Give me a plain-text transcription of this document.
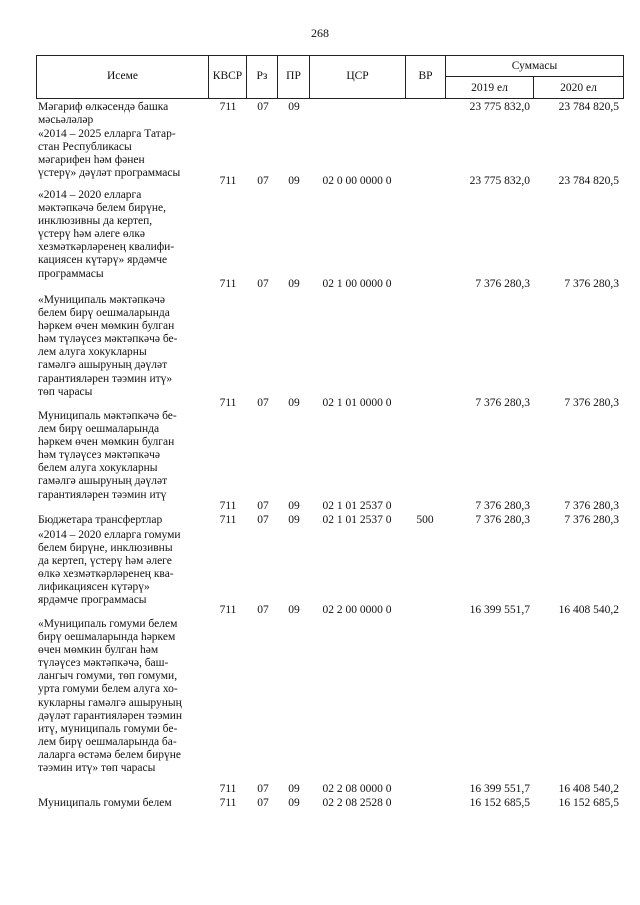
268
Исеме	КВСР	Рз	ПР	ЦСР	ВР
Суммасы
2019 ел	2020 ел
Мәгариф өлкәсендә башка
мәсьәләләр
711	07	09	23 775 832,0	23 784 820,5
«2014 – 2025 елларга Татар-
стан Республикасы
мәгарифен һәм фәнен
үстерү» дәүләт программасы
711	07	09	02 0 00 0000 0	23 775 832,0	23 784 820,5
«2014 – 2020 елларга
мәктәпкәчә белем бирүне,
инклюзивны да кертеп,
үстерү һәм әлеге өлкә
хезмәткәрләренең квалифи-
кациясен күтәрү» ярдәмче
программасы
711	07	09	02 1 00 0000 0	7 376 280,3	7 376 280,3
«Муниципаль мәктәпкәчә
белем бирү оешмаларында
һәркем өчен мөмкин булган
һәм түләүсез мәктәпкәчә бе-
лем алуга хокукларны
гамәлгә ашыруның дәүләт
гарантияләрен тәэмин итү»
төп чарасы
711	07	09	02 1 01 0000 0	7 376 280,3	7 376 280,3
Муниципаль мәктәпкәчә бе-
лем бирү оешмаларында
һәркем өчен мөмкин булган
һәм түләүсез мәктәпкәчә
белем алуга хокукларны
гамәлгә ашыруның дәүләт
гарантияләрен тәэмин итү
711	07	09	02 1 01 2537 0	7 376 280,3	7 376 280,3
Бюджетара трансфертлар	711	07	09	02 1 01 2537 0	500	7 376 280,3	7 376 280,3
«2014 – 2020 елларга гомуми
белем бирүне, инклюзивны
да кертеп, үстерү һәм әлеге
өлкә хезмәткәрләренең ква-
лификациясен күтәрү»
ярдәмче программасы
711	07	09	02 2 00 0000 0	16 399 551,7	16 408 540,2
«Муниципаль гомуми белем
бирү оешмаларында һәркем
өчен мөмкин булган һәм
түләүсез мәктәпкәчә, баш-
лангыч гомуми, төп гомуми,
урта гомуми белем алуга хо-
кукларны гамәлгә ашыруның
дәүләт гарантияләрен тәэмин
итү, муниципаль гомуми бе-
лем бирү оешмаларында ба-
лаларга өстәмә белем бирүне
тәэмин итү» төп чарасы
711	07	09	02 2 08 0000 0	16 399 551,7	16 408 540,2
Муниципаль гомуми белем	711	07	09	02 2 08 2528 0	16 152 685,5	16 152 685,5
